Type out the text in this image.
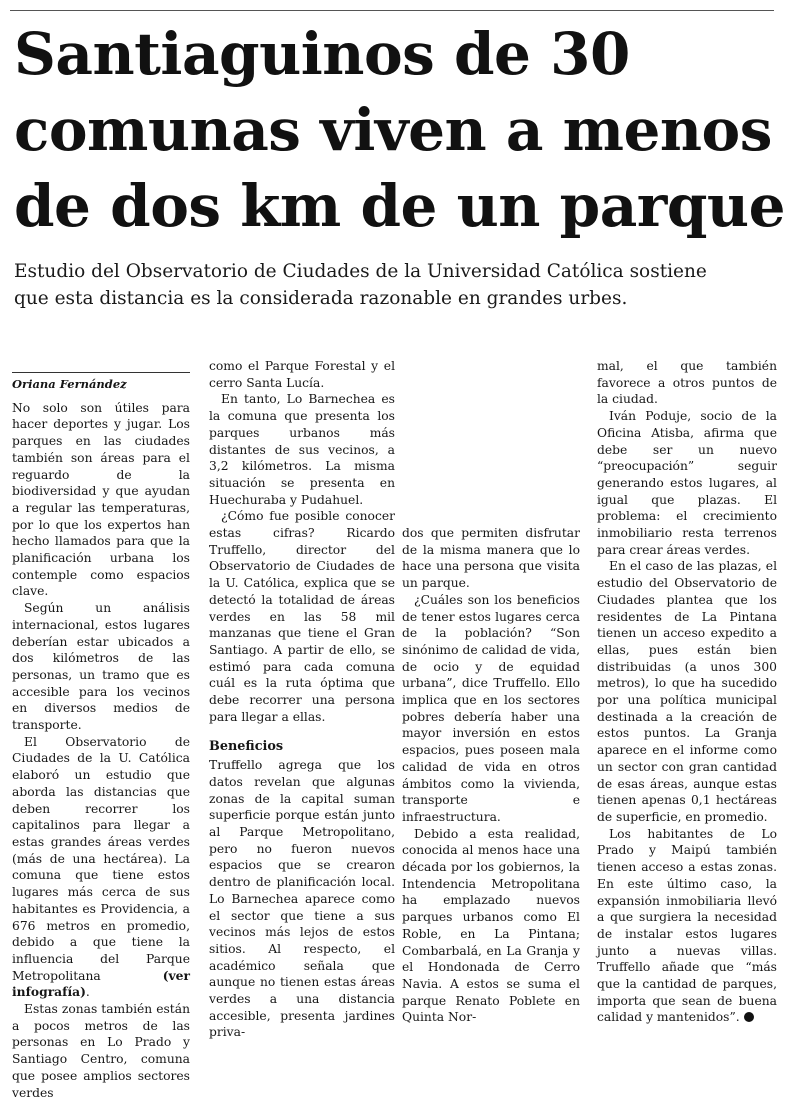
Santiaguinos de 30
comunas viven a menos
de dos km de un parque
Estudio del Observatorio de Ciudades de la Universidad Católica sostiene
que esta distancia es la considerada razonable en grandes urbes.

Oriana Fernández

No solo son útiles para hacer deportes y jugar. Los parques en las ciudades también son áreas para el reguardo de la biodiversidad y que ayudan a regular las temperaturas, por lo que los expertos han hecho llamados para que la planificación urbana los contemple como espacios clave.

Según un análisis internacional, estos lugares deberían estar ubicados a dos kilómetros de las personas, un tramo que es accesible para los vecinos en diversos medios de transporte.

El Observatorio de Ciudades de la U. Católica elaboró un estudio que aborda las distancias que deben recorrer los capitalinos para llegar a estas grandes áreas verdes (más de una hectárea). La comuna que tiene estos lugares más cerca de sus habitantes es Providencia, a 676 metros en promedio, debido a que tiene la influencia del Parque Metropolitana	(ver infografía).

Estas zonas también están a pocos metros de las personas en Lo Prado y Santiago Centro, comuna que posee amplios sectores verdes

como el Parque Forestal y el cerro Santa Lucía.

En tanto, Lo Barnechea es la comuna que presenta los parques urbanos más distantes de sus vecinos, a 3,2 kilómetros. La misma situación se presenta en Huechuraba y Pudahuel.

¿Cómo fue posible conocer estas cifras? Ricardo Truffello, director del Observatorio de Ciudades de la U. Católica, explica que se detectó la totalidad de áreas verdes en las 58 mil manzanas que tiene el Gran Santiago. A partir de ello, se estimó para cada comuna cuál es la ruta óptima que debe recorrer una persona para llegar a ellas.

Beneficios

Truffello agrega que los datos revelan que algunas zonas de la capital suman superficie porque están junto al Parque Metropolitano, pero no fueron nuevos espacios que se crearon dentro de planificación local. Lo Barnechea aparece como el sector que tiene a sus vecinos más lejos de estos sitios. Al respecto, el académico señala que aunque no tienen estas áreas verdes a una distancia accesible, presenta jardines priva-

dos que permiten disfrutar de la misma manera que lo hace una persona que visita un parque.

¿Cuáles son los beneficios de tener estos lugares cerca de la población? “Son sinónimo de calidad de vida, de ocio y de equidad urbana”, dice Truffello. Ello implica que en los sectores pobres debería haber una mayor inversión en estos espacios, pues poseen mala calidad de vida en otros ámbitos como la vivienda, transporte e infraestructura.

Debido a esta realidad, conocida al menos hace una década por los gobiernos, la Intendencia Metropolitana ha emplazado nuevos parques urbanos como El Roble, en La Pintana; Combarbalá, en La Granja y el Hondonada de Cerro Navia. A estos se suma el parque Renato Poblete en Quinta Nor-

mal, el que también favorece a otros puntos de la ciudad.

Iván Poduje, socio de la Oficina Atisba, afirma que debe ser un nuevo “preocupación” seguir generando estos lugares, al igual que plazas. El problema: el crecimiento inmobiliario resta terrenos para crear áreas verdes.

En el caso de las plazas, el estudio del Observatorio de Ciudades plantea que los residentes de La Pintana tienen un acceso expedito a ellas, pues están bien distribuidas (a unos 300 metros), lo que ha sucedido por una política municipal destinada a la creación de estos puntos. La Granja aparece en el informe como un sector con gran cantidad de esas áreas, aunque estas tienen apenas 0,1 hectáreas de superficie, en promedio.

Los habitantes de Lo Prado y Maipú también tienen acceso a estas zonas. En este último caso, la expansión inmobiliaria llevó a que surgiera la necesidad de instalar estos lugares junto a nuevas villas. Truffello añade que “más que la cantidad de parques, importa que sean de buena calidad y mantenidos”.
